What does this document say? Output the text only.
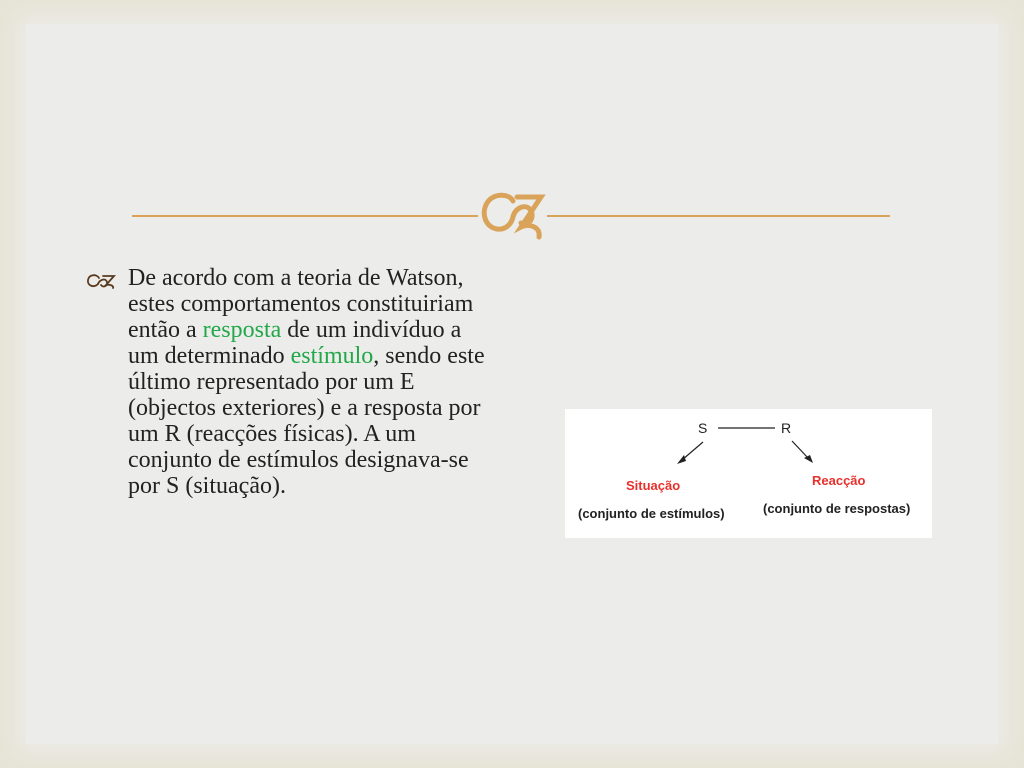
De acordo com a teoria de Watson, estes comportamentos constituiriam então a resposta de um indivíduo a um determinado estímulo, sendo este último representado por um E (objectos exteriores) e a resposta por um R (reacções físicas). A um conjunto de estímulos designava-se por S (situação).
S	R
Situação	Reacção
(conjunto de estímulos)	(conjunto de respostas)
